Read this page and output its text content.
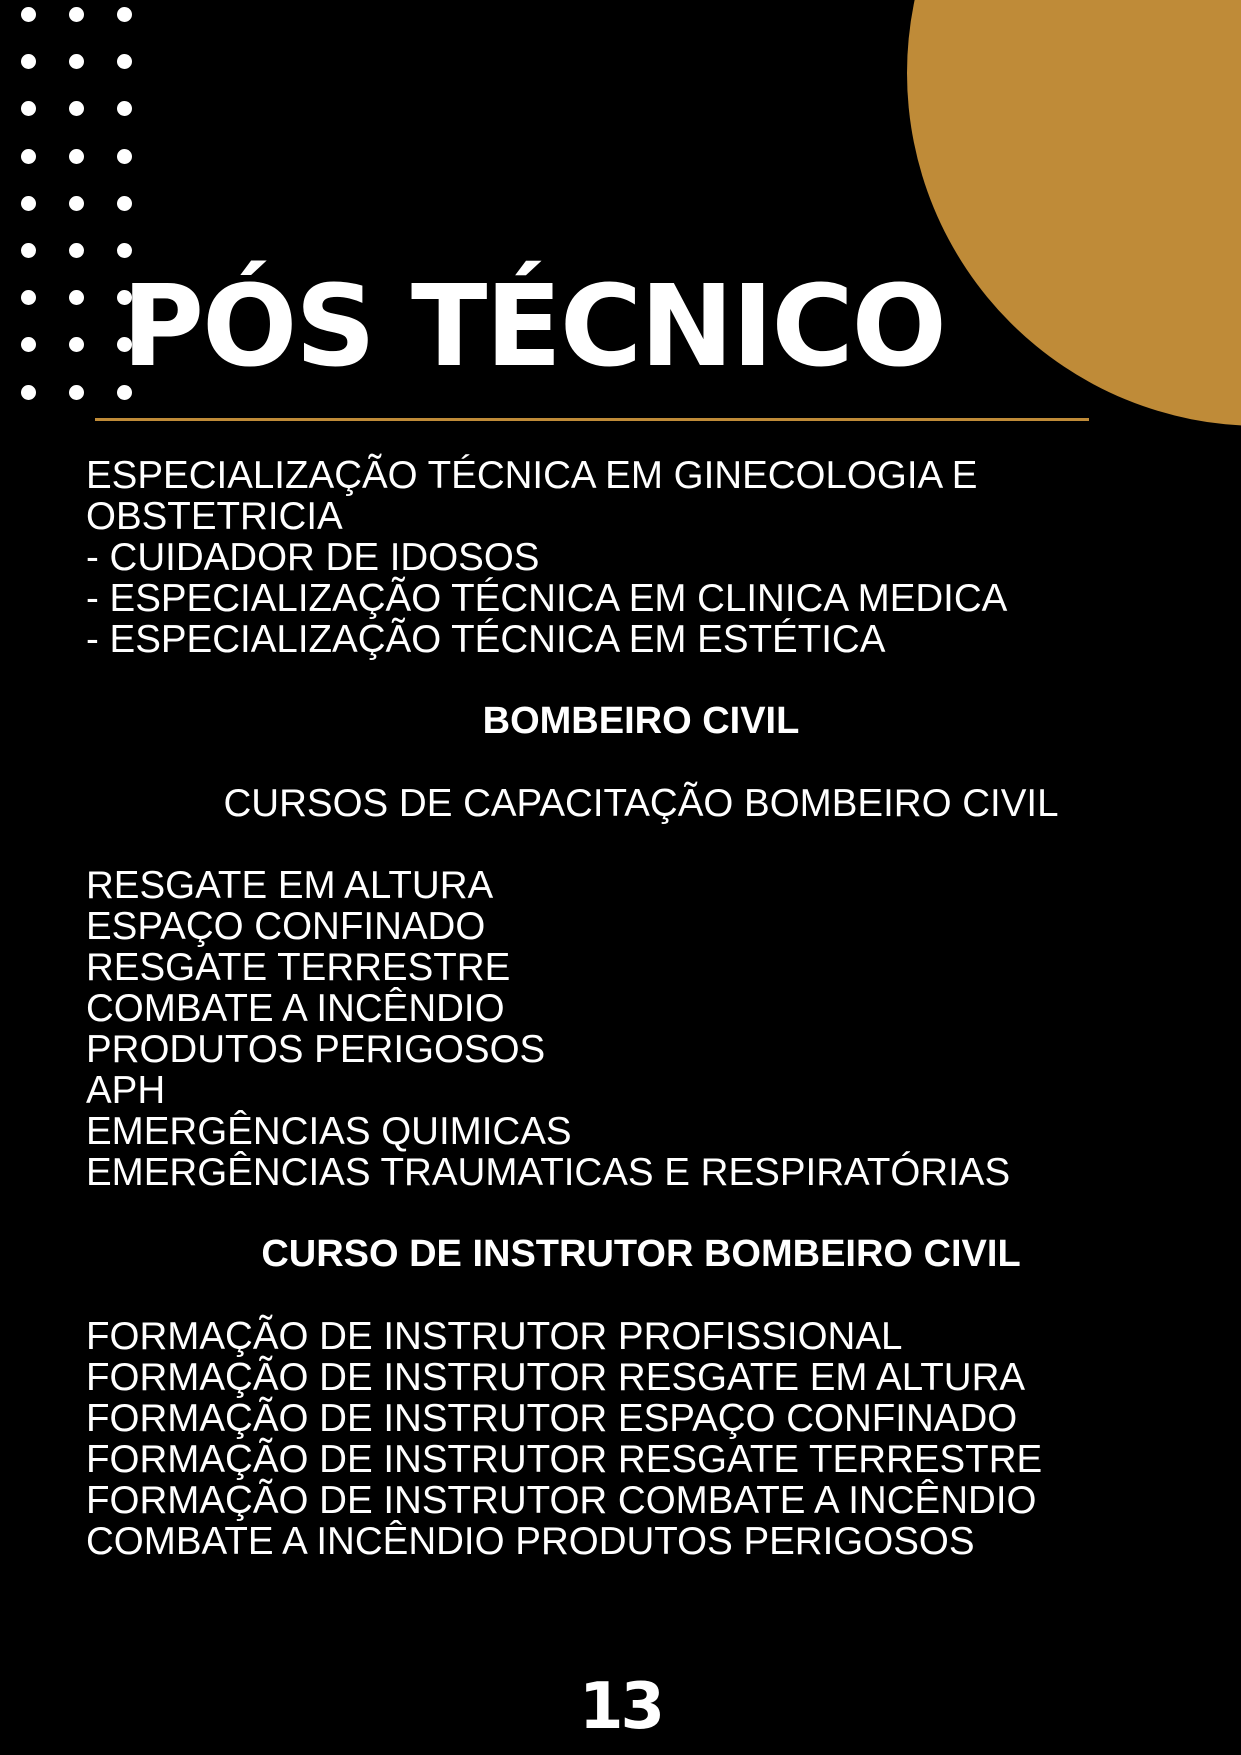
PÓS TÉCNICO
ESPECIALIZAÇÃO TÉCNICA EM GINECOLOGIA E
OBSTETRICIA
- CUIDADOR DE IDOSOS
- ESPECIALIZAÇÃO TÉCNICA EM CLINICA MEDICA
- ESPECIALIZAÇÃO TÉCNICA EM ESTÉTICA
BOMBEIRO CIVIL
CURSOS DE CAPACITAÇÃO BOMBEIRO CIVIL
RESGATE EM ALTURA
ESPAÇO CONFINADO
RESGATE TERRESTRE
COMBATE A INCÊNDIO
PRODUTOS PERIGOSOS
APH
EMERGÊNCIAS QUIMICAS
EMERGÊNCIAS TRAUMATICAS E RESPIRATÓRIAS
CURSO DE INSTRUTOR BOMBEIRO CIVIL
FORMAÇÃO DE INSTRUTOR PROFISSIONAL
FORMAÇÃO DE INSTRUTOR RESGATE EM ALTURA
FORMAÇÃO DE INSTRUTOR ESPAÇO CONFINADO
FORMAÇÃO DE INSTRUTOR RESGATE TERRESTRE
FORMAÇÃO DE INSTRUTOR COMBATE A INCÊNDIO
COMBATE A INCÊNDIO PRODUTOS PERIGOSOS
13
